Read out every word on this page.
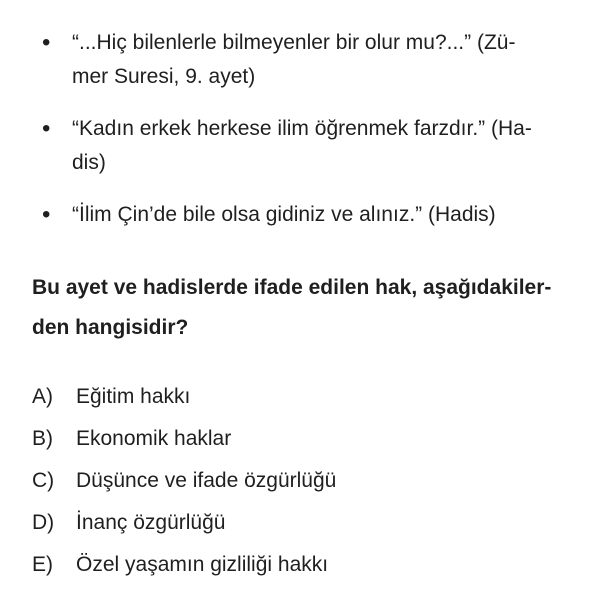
•	“...Hiç bilenlerle bilmeyenler bir olur mu?...” (Zü-
mer Suresi, 9. ayet)
•	“Kadın erkek herkese ilim öğrenmek farzdır.” (Ha-
dis)
•	“İlim Çin’de bile olsa gidiniz ve alınız.” (Hadis)
Bu ayet ve hadislerde ifade edilen hak, aşağıdakiler-
den hangisidir?
A)	Eğitim hakkı
B)	Ekonomik haklar
C)	Düşünce ve ifade özgürlüğü
D)	İnanç özgürlüğü
E)	Özel yaşamın gizliliği hakkı
